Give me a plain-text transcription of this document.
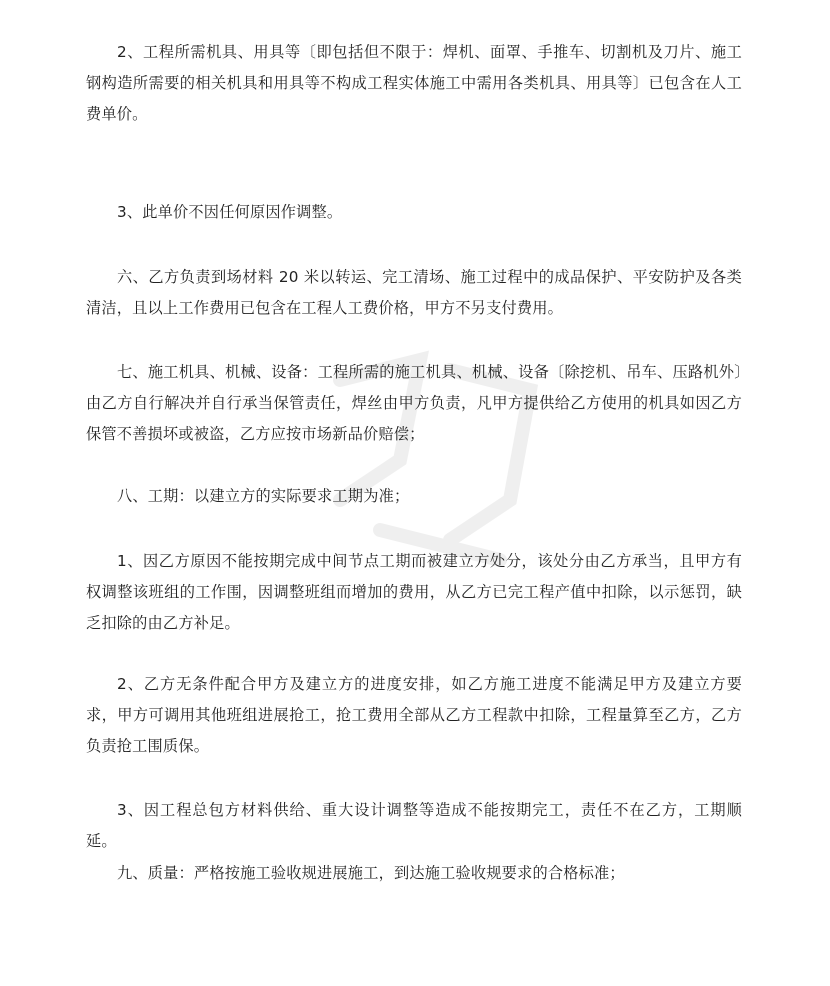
2、工程所需机具、用具等〔即包括但不限于：焊机、面罩、手推车、切割机及刀片、施工钢构造所需要的相关机具和用具等不构成工程实体施工中需用各类机具、用具等〕已包含在人工费单价。

3、此单价不因任何原因作调整。

六、乙方负责到场材料 20 米以转运、完工清场、施工过程中的成品保护、平安防护及各类清洁，且以上工作费用已包含在工程人工费价格，甲方不另支付费用。

七、施工机具、机械、设备：工程所需的施工机具、机械、设备〔除挖机、吊车、压路机外〕由乙方自行解决并自行承当保管责任，焊丝由甲方负责，凡甲方提供给乙方使用的机具如因乙方保管不善损坏或被盗，乙方应按市场新品价赔偿；

八、工期：以建立方的实际要求工期为准；

1、因乙方原因不能按期完成中间节点工期而被建立方处分，该处分由乙方承当，且甲方有权调整该班组的工作围，因调整班组而增加的费用，从乙方已完工程产值中扣除，以示惩罚，缺乏扣除的由乙方补足。

2、乙方无条件配合甲方及建立方的进度安排，如乙方施工进度不能满足甲方及建立方要求，甲方可调用其他班组进展抢工，抢工费用全部从乙方工程款中扣除，工程量算至乙方，乙方负责抢工围质保。

3、因工程总包方材料供给、重大设计调整等造成不能按期完工，责任不在乙方，工期顺延。

九、质量：严格按施工验收规进展施工，到达施工验收规要求的合格标准；
